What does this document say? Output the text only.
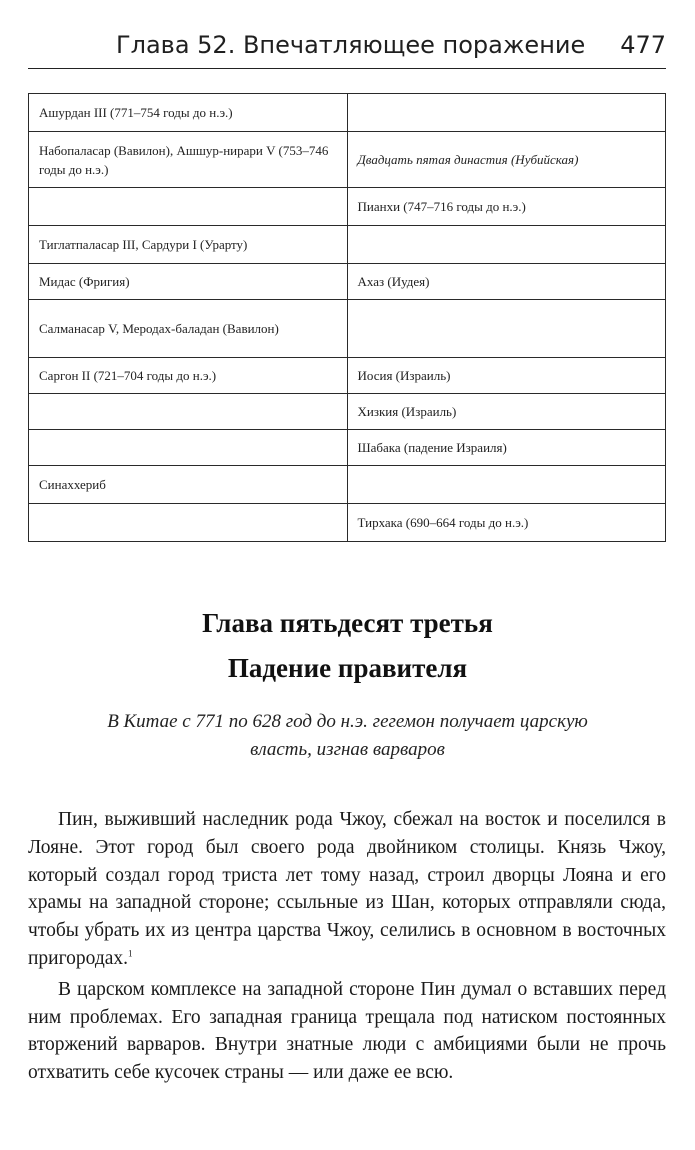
Глава 52. Впечатляющее поражение 477
Ашурдан III (771–754 годы до н.э.)	
Набопаласар (Вавилон), Ашшур-нирари V (753–746 годы до н.э.)	Двадцать пятая династия (Нубийская)
	Пианхи (747–716 годы до н.э.)
Тиглатпаласар III, Сардури I (Урарту)	
Мидас (Фригия)	Ахаз (Иудея)
Салманасар V, Меродах-баладан (Вавилон)	
Саргон II (721–704 годы до н.э.)	Иосия (Израиль)
	Хизкия (Израиль)
	Шабака (падение Израиля)
Синаххериб	
	Тирхака (690–664 годы до н.э.)
Глава пятьдесят третья
Падение правителя
В Китае с 771 по 628 год до н.э. гегемон получает царскую власть, изгнав варваров

Пин, выживший наследник рода Чжоу, сбежал на восток и поселился в Лояне. Этот город был своего рода двойником столицы. Князь Чжоу, который создал город триста лет тому назад, строил дворцы Лояна и его храмы на западной стороне; ссыльные из Шан, которых отправляли сюда, чтобы убрать их из центра царства Чжоу, селились в основном в восточных пригородах.$^1$

В царском комплексе на западной стороне Пин думал о вставших перед ним проблемах. Его западная граница трещала под натиском постоянных вторжений варваров. Внутри знатные люди с амбициями были не прочь отхватить себе кусочек страны — или даже ее всю.
